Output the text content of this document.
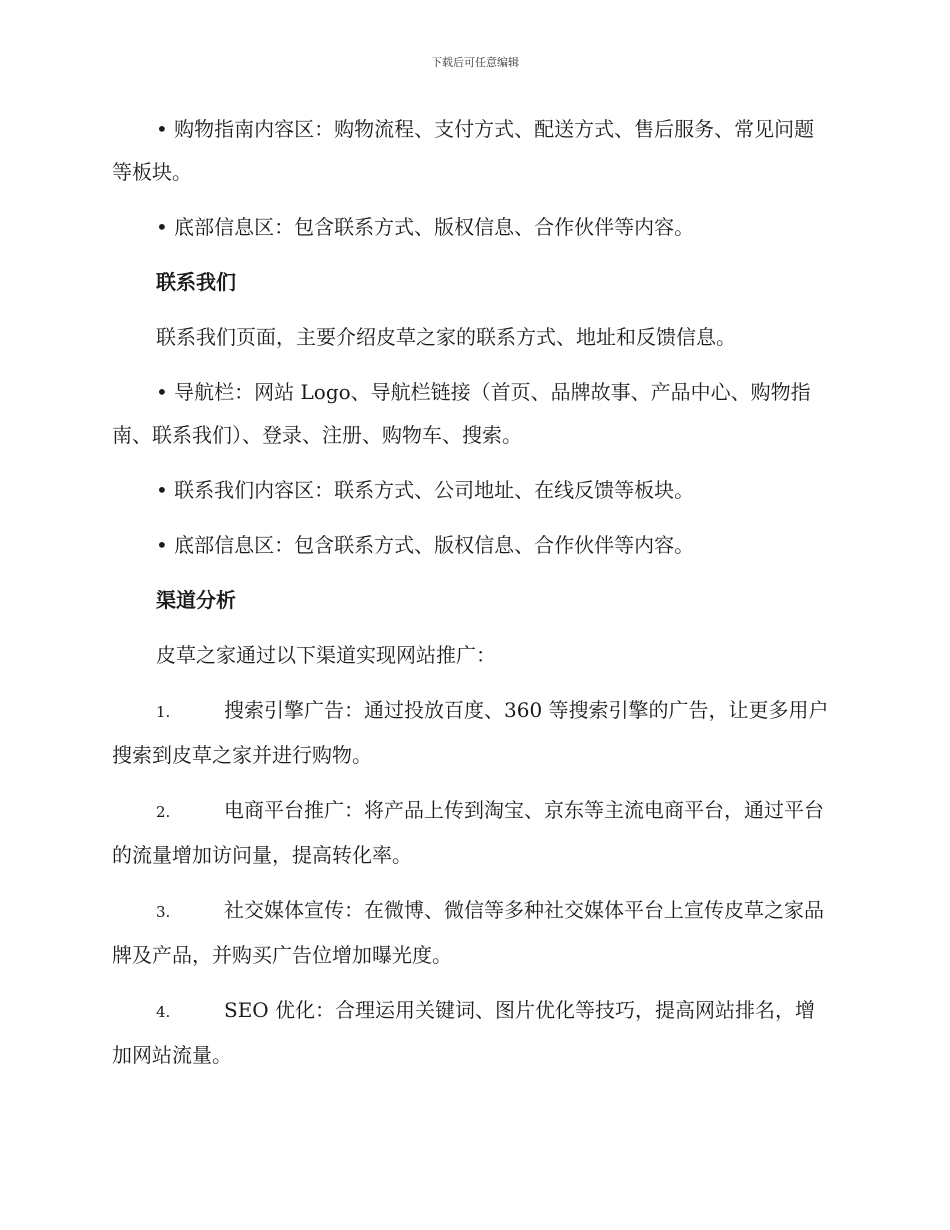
下载后可任意编辑

• 购物指南内容区：购物流程、支付方式、配送方式、售后服务、常见问题等板块。

• 底部信息区：包含联系方式、版权信息、合作伙伴等内容。

联系我们

联系我们页面，主要介绍皮草之家的联系方式、地址和反馈信息。

• 导航栏：网站 Logo、导航栏链接（首页、品牌故事、产品中心、购物指南、联系我们）、登录、注册、购物车、搜索。

• 联系我们内容区：联系方式、公司地址、在线反馈等板块。

• 底部信息区：包含联系方式、版权信息、合作伙伴等内容。

渠道分析

皮草之家通过以下渠道实现网站推广：

1.	搜索引擎广告：通过投放百度、360 等搜索引擎的广告，让更多用户搜索到皮草之家并进行购物。

2.	电商平台推广：将产品上传到淘宝、京东等主流电商平台，通过平台的流量增加访问量，提高转化率。

3.	社交媒体宣传：在微博、微信等多种社交媒体平台上宣传皮草之家品牌及产品，并购买广告位增加曝光度。

4.	SEO 优化：合理运用关键词、图片优化等技巧，提高网站排名，增加网站流量。
